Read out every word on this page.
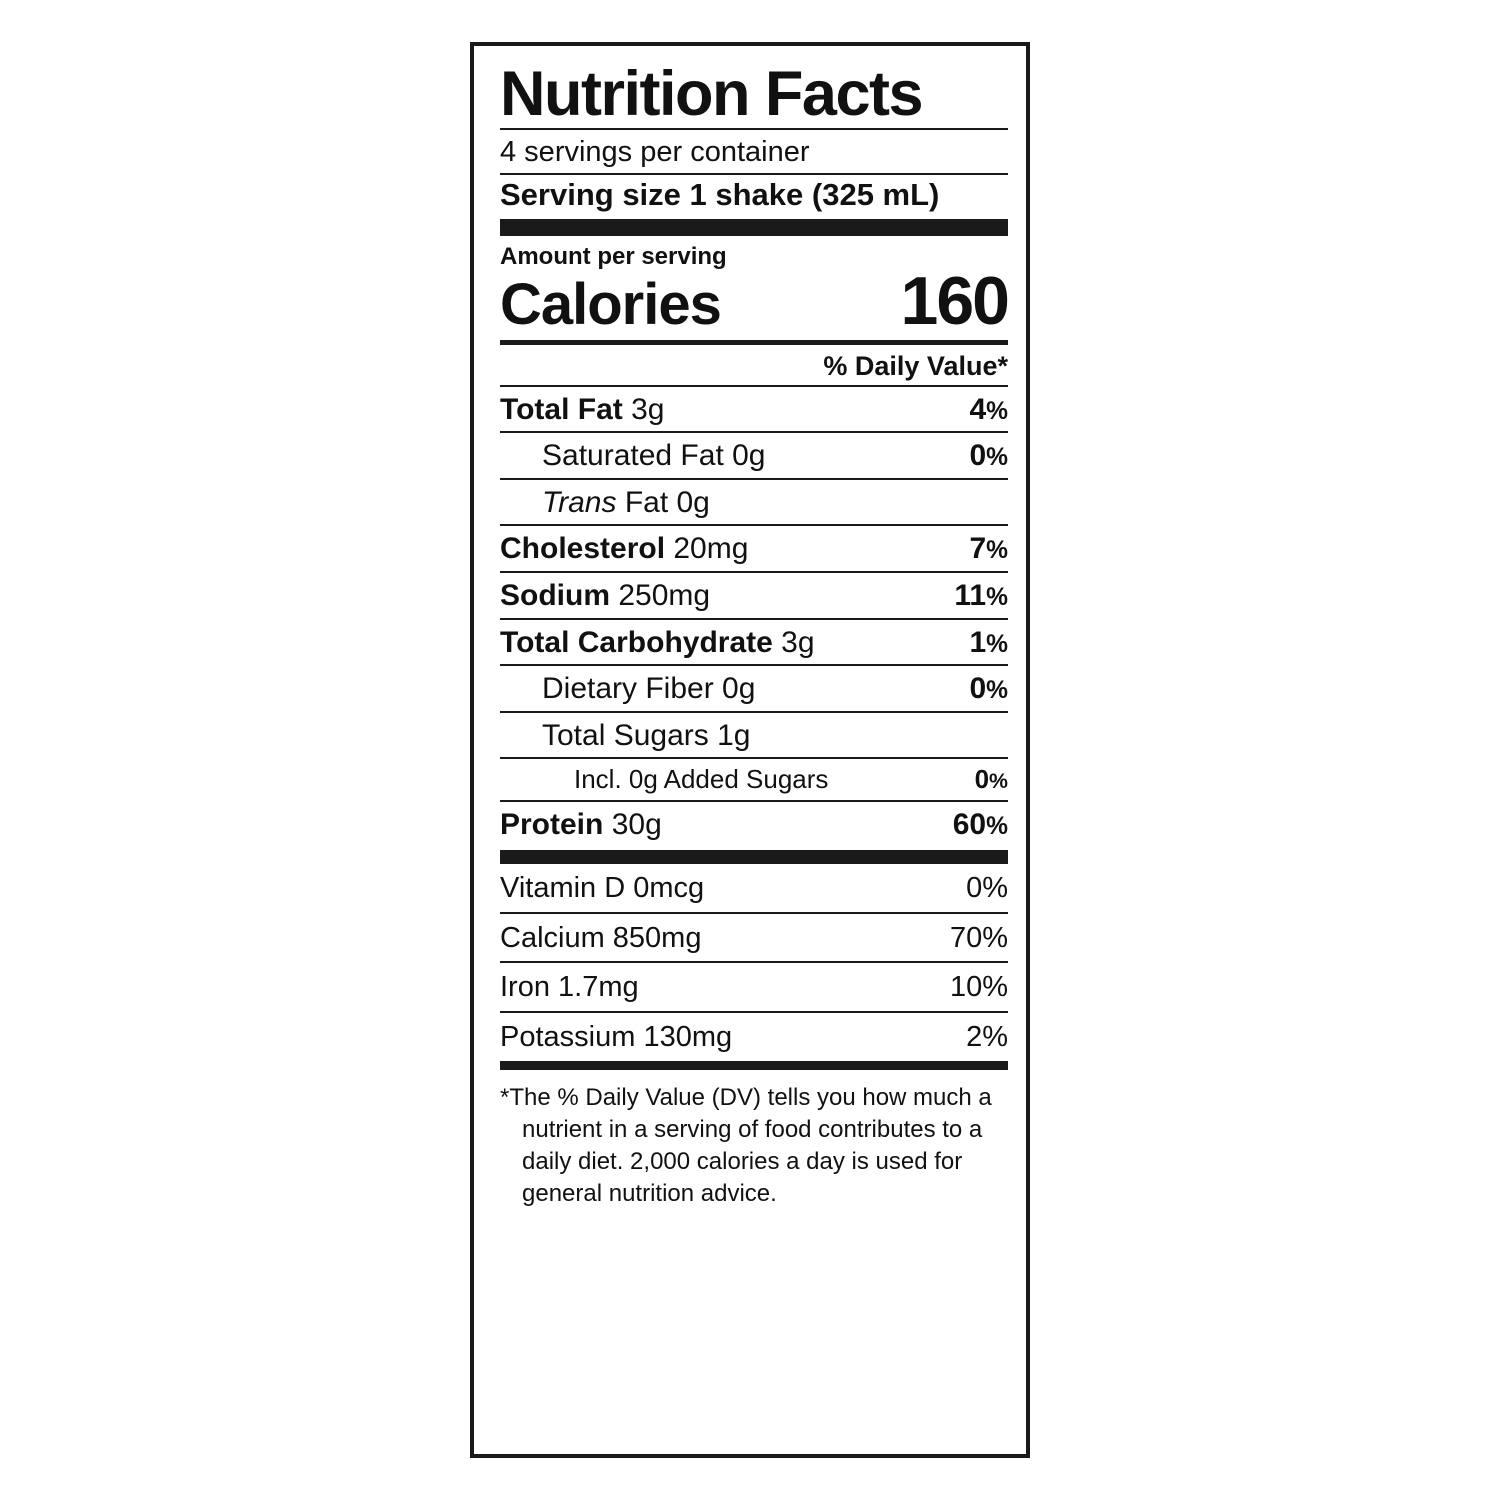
Nutrition Facts
4 servings per container
Serving size 1 shake (325 mL)
Amount per serving
Calories	160
% Daily Value*
Total Fat 3g	4%
Saturated Fat 0g	0%
Trans Fat 0g
Cholesterol 20mg	7%
Sodium 250mg	11%
Total Carbohydrate 3g	1%
Dietary Fiber 0g	0%
Total Sugars 1g
Incl. 0g Added Sugars	0%
Protein 30g	60%
Vitamin D 0mcg	0%
Calcium 850mg	70%
Iron 1.7mg	10%
Potassium 130mg	2%
*The % Daily Value (DV) tells you how much a
nutrient in a serving of food contributes to a
daily diet. 2,000 calories a day is used for
general nutrition advice.
